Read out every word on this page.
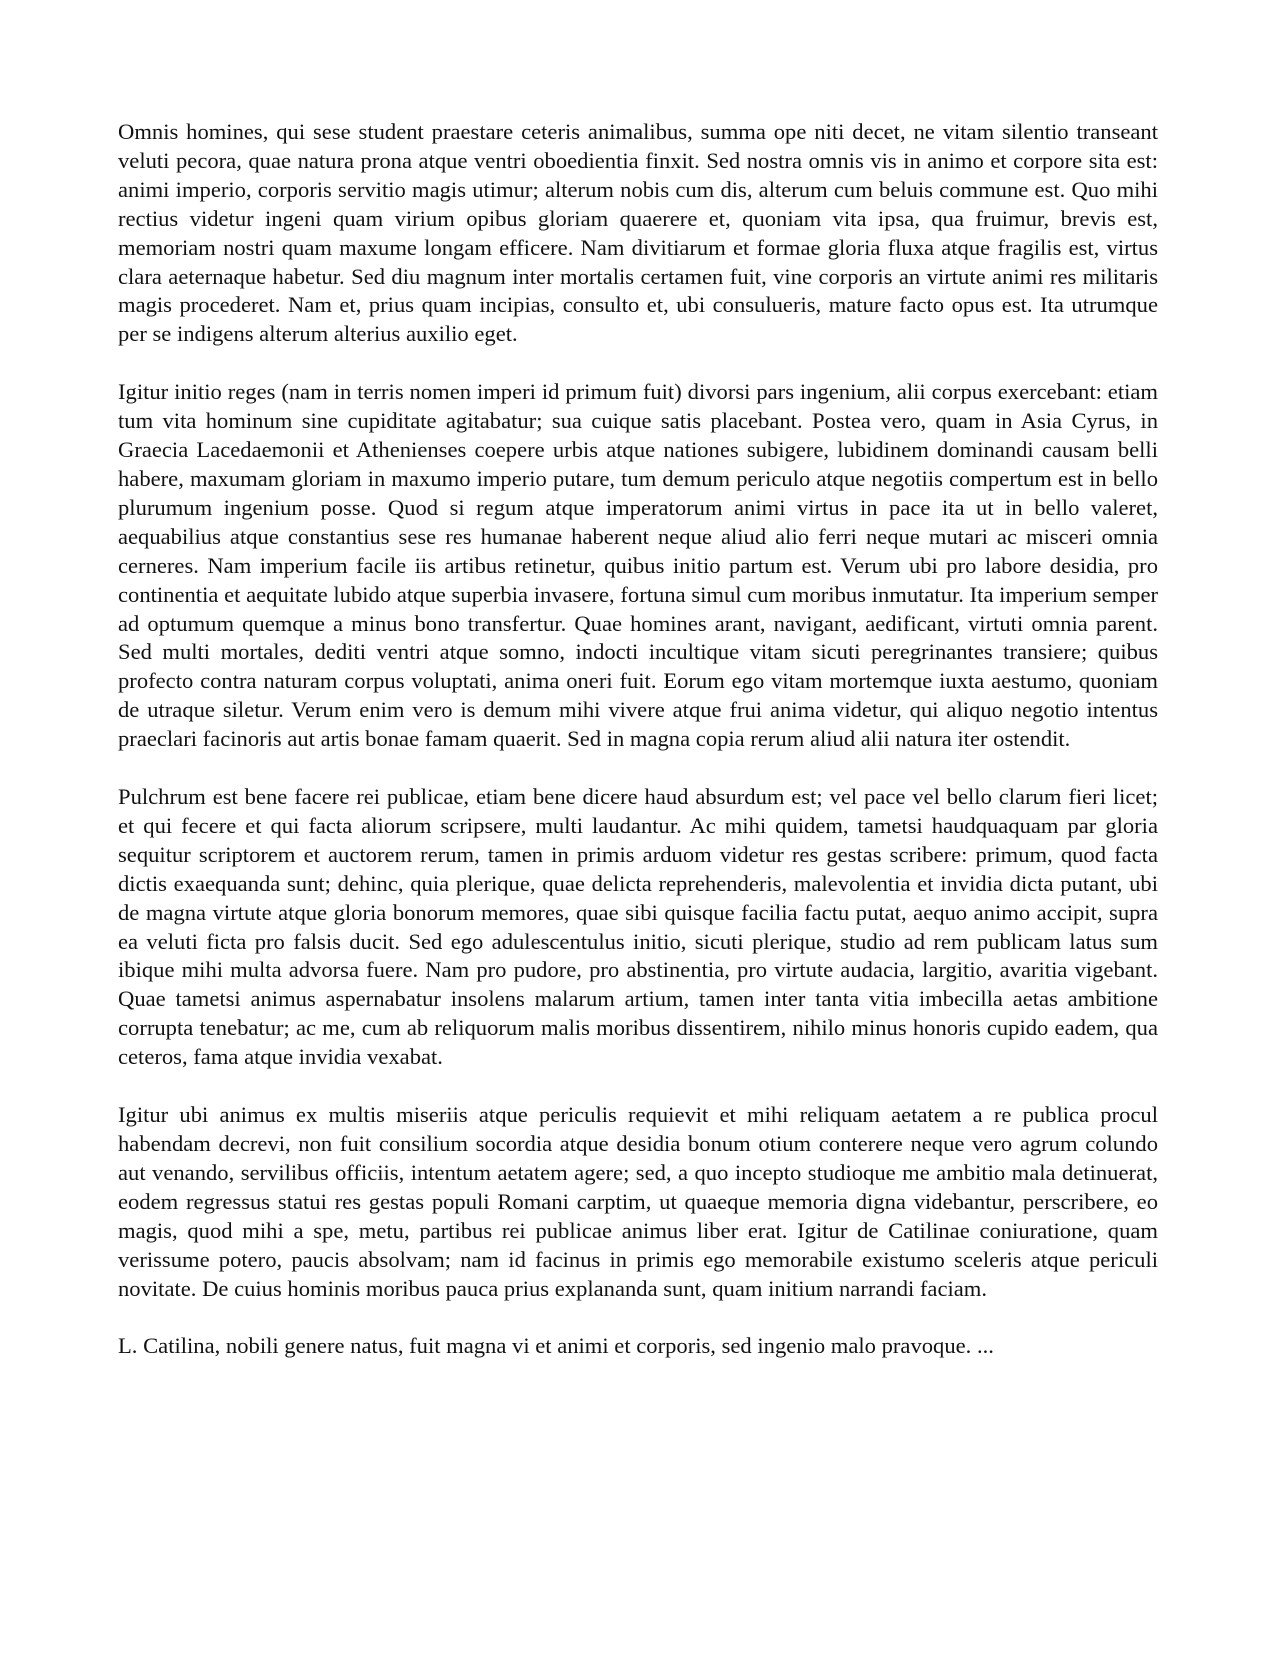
Omnis homines, qui sese student praestare ceteris animalibus, summa ope niti decet, ne vitam silentio transeant veluti pecora, quae natura prona atque ventri oboedientia finxit. Sed nostra omnis vis in animo et corpore sita est: animi imperio, corporis servitio magis utimur; alterum nobis cum dis, alterum cum beluis commune est. Quo mihi rectius videtur ingeni quam virium opibus gloriam quaerere et, quoniam vita ipsa, qua fruimur, brevis est, memoriam nostri quam maxume longam efficere. Nam divitiarum et formae gloria fluxa atque fragilis est, virtus clara aeternaque habetur. Sed diu magnum inter mortalis certamen fuit, vine corporis an virtute animi res militaris magis procederet. Nam et, prius quam incipias, consulto et, ubi consulueris, mature facto opus est. Ita utrumque per se indigens alterum alterius auxilio eget.

Igitur initio reges (nam in terris nomen imperi id primum fuit) divorsi pars ingenium, alii corpus exercebant: etiam tum vita hominum sine cupiditate agitabatur; sua cuique satis placebant. Postea vero, quam in Asia Cyrus, in Graecia Lacedaemonii et Athenienses coepere urbis atque nationes subigere, lubidinem dominandi causam belli habere, maxumam gloriam in maxumo imperio putare, tum demum periculo atque negotiis compertum est in bello plurumum ingenium posse. Quod si regum atque imperatorum animi virtus in pace ita ut in bello valeret, aequabilius atque constantius sese res humanae haberent neque aliud alio ferri neque mutari ac misceri omnia cerneres. Nam imperium facile iis artibus retinetur, quibus initio partum est. Verum ubi pro labore desidia, pro continentia et aequitate lubido atque superbia invasere, fortuna simul cum moribus inmutatur. Ita imperium semper ad optumum quemque a minus bono transfertur. Quae homines arant, navigant, aedificant, virtuti omnia parent. Sed multi mortales, dediti ventri atque somno, indocti incultique vitam sicuti peregrinantes transiere; quibus profecto contra naturam corpus voluptati, anima oneri fuit. Eorum ego vitam mortemque iuxta aestumo, quoniam de utraque siletur. Verum enim vero is demum mihi vivere atque frui anima videtur, qui aliquo negotio intentus praeclari facinoris aut artis bonae famam quaerit. Sed in magna copia rerum aliud alii natura iter ostendit.

Pulchrum est bene facere rei publicae, etiam bene dicere haud absurdum est; vel pace vel bello clarum fieri licet; et qui fecere et qui facta aliorum scripsere, multi laudantur. Ac mihi quidem, tametsi haudquaquam par gloria sequitur scriptorem et auctorem rerum, tamen in primis arduom videtur res gestas scribere: primum, quod facta dictis exaequanda sunt; dehinc, quia plerique, quae delicta reprehenderis, malevolentia et invidia dicta putant, ubi de magna virtute atque gloria bonorum memores, quae sibi quisque facilia factu putat, aequo animo accipit, supra ea veluti ficta pro falsis ducit. Sed ego adulescentulus initio, sicuti plerique, studio ad rem publicam latus sum ibique mihi multa advorsa fuere. Nam pro pudore, pro abstinentia, pro virtute audacia, largitio, avaritia vigebant. Quae tametsi animus aspernabatur insolens malarum artium, tamen inter tanta vitia imbecilla aetas ambitione corrupta tenebatur; ac me, cum ab reliquorum malis moribus dissentirem, nihilo minus honoris cupido eadem, qua ceteros, fama atque invidia vexabat.

Igitur ubi animus ex multis miseriis atque periculis requievit et mihi reliquam aetatem a re publica procul habendam decrevi, non fuit consilium socordia atque desidia bonum otium conterere neque vero agrum colundo aut venando, servilibus officiis, intentum aetatem agere; sed, a quo incepto studioque me ambitio mala detinuerat, eodem regressus statui res gestas populi Romani carptim, ut quaeque memoria digna videbantur, perscribere, eo magis, quod mihi a spe, metu, partibus rei publicae animus liber erat. Igitur de Catilinae coniuratione, quam verissume potero, paucis absolvam; nam id facinus in primis ego memorabile existumo sceleris atque periculi novitate. De cuius hominis moribus pauca prius explananda sunt, quam initium narrandi faciam.

L. Catilina, nobili genere natus, fuit magna vi et animi et corporis, sed ingenio malo pravoque. ...
